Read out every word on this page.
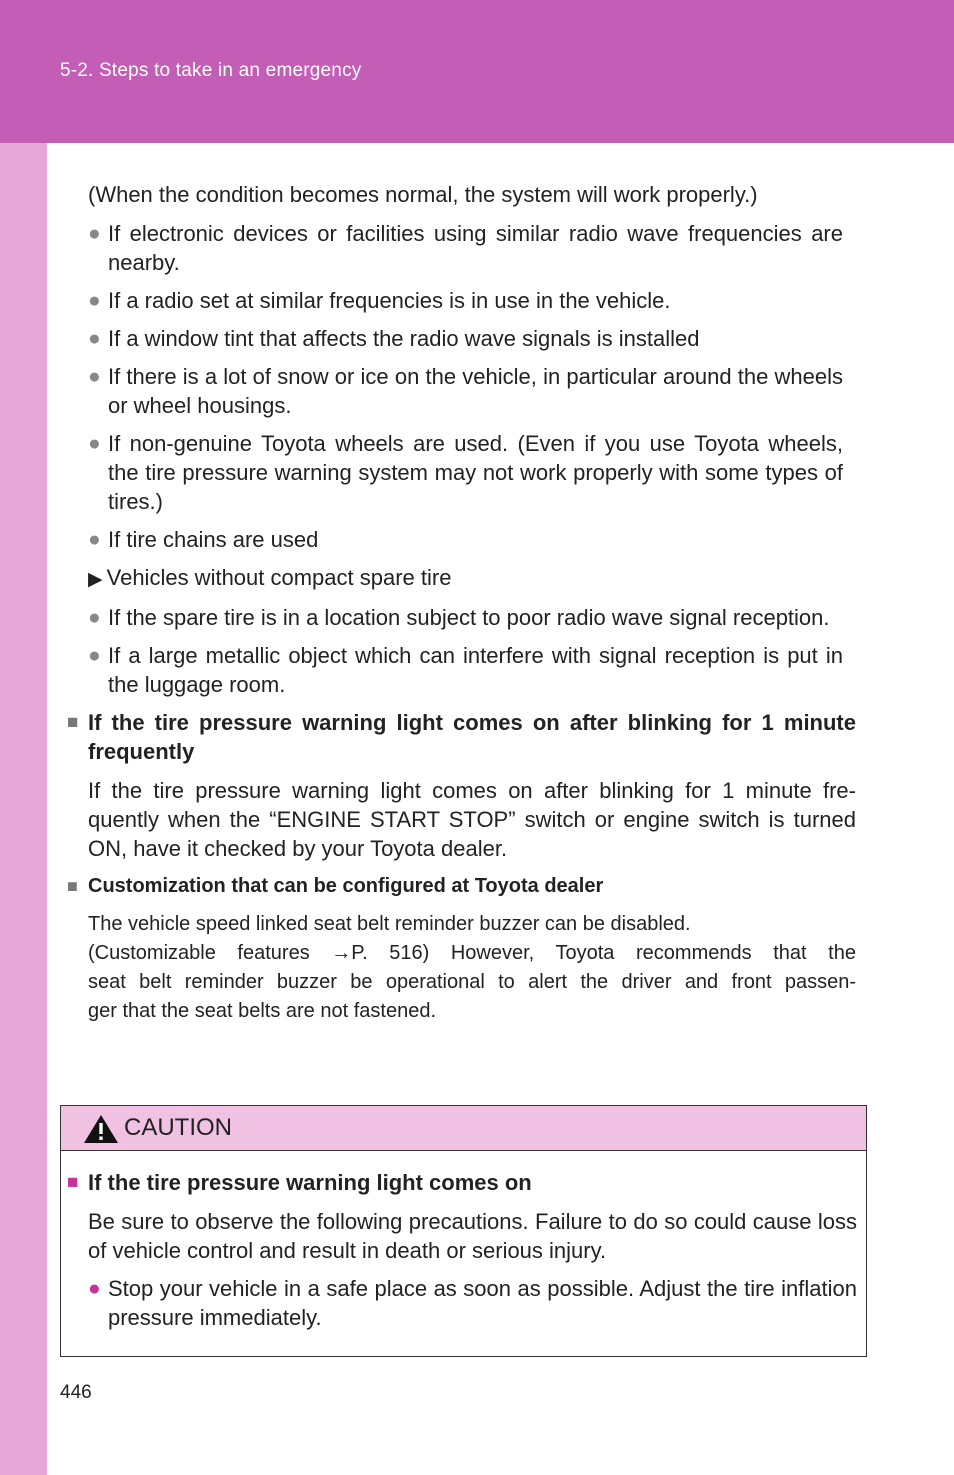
5-2. Steps to take in an emergency

(When the condition becomes normal, the system will work properly.)

● If electronic devices or facilities using similar radio wave frequencies are nearby.
● If a radio set at similar frequencies is in use in the vehicle.
● If a window tint that affects the radio wave signals is installed
● If there is a lot of snow or ice on the vehicle, in particular around the wheels or wheel housings.
● If non-genuine Toyota wheels are used. (Even if you use Toyota wheels, the tire pressure warning system may not work properly with some types of tires.)
● If tire chains are used
▶ Vehicles without compact spare tire
● If the spare tire is in a location subject to poor radio wave signal reception.
● If a large metallic object which can interfere with signal reception is put in the luggage room.
■ If the tire pressure warning light comes on after blinking for 1 minute frequently

If the tire pressure warning light comes on after blinking for 1 minute fre-quently when the “ENGINE START STOP” switch or engine switch is turned ON, have it checked by your Toyota dealer.

■ Customization that can be configured at Toyota dealer
The vehicle speed linked seat belt reminder buzzer can be disabled.
(Customizable features →P. 516) However, Toyota recommends that the
seat belt reminder buzzer be operational to alert the driver and front passen-
ger that the seat belts are not fastened.
CAUTION
■ If the tire pressure warning light comes on

Be sure to observe the following precautions. Failure to do so could cause loss of vehicle control and result in death or serious injury.

● Stop your vehicle in a safe place as soon as possible. Adjust the tire inflation pressure immediately.
446
